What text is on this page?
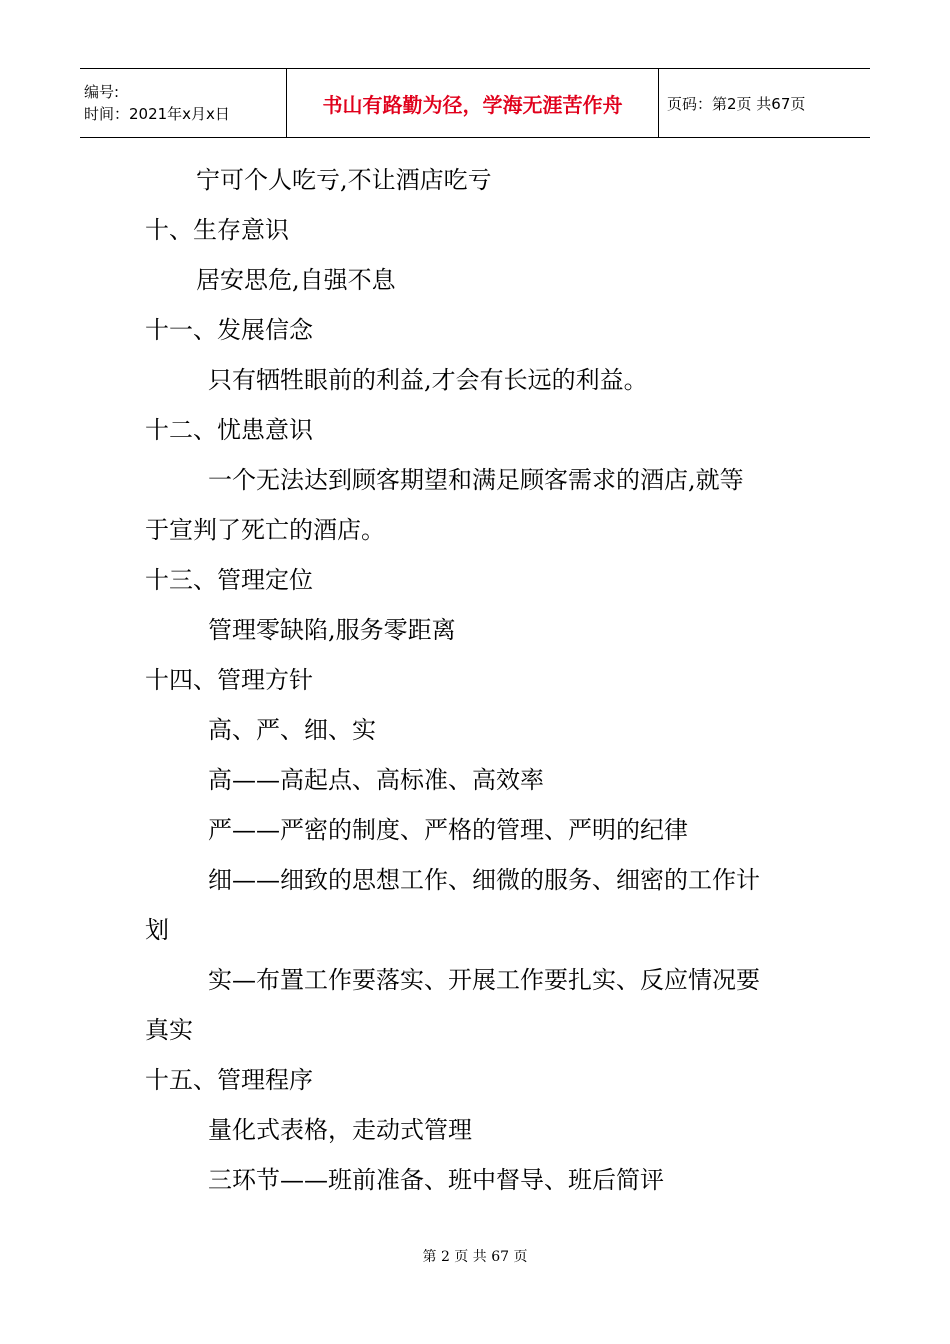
编号:
时间：2021年x月x日	书山有路勤为径，学海无涯苦作舟	页码：第2页 共67页
宁可个人吃亏,不让酒店吃亏
十、生存意识
居安思危,自强不息
十一、发展信念
只有牺牲眼前的利益,才会有长远的利益。
十二、忧患意识
一个无法达到顾客期望和满足顾客需求的酒店,就等
于宣判了死亡的酒店。
十三、管理定位
管理零缺陷,服务零距离
十四、管理方针
高、严、细、实
高——高起点、高标准、高效率
严——严密的制度、严格的管理、严明的纪律
细——细致的思想工作、细微的服务、细密的工作计
划
实—布置工作要落实、开展工作要扎实、反应情况要
真实
十五、管理程序
量化式表格，走动式管理
三环节——班前准备、班中督导、班后简评
第 2 页 共 67 页
